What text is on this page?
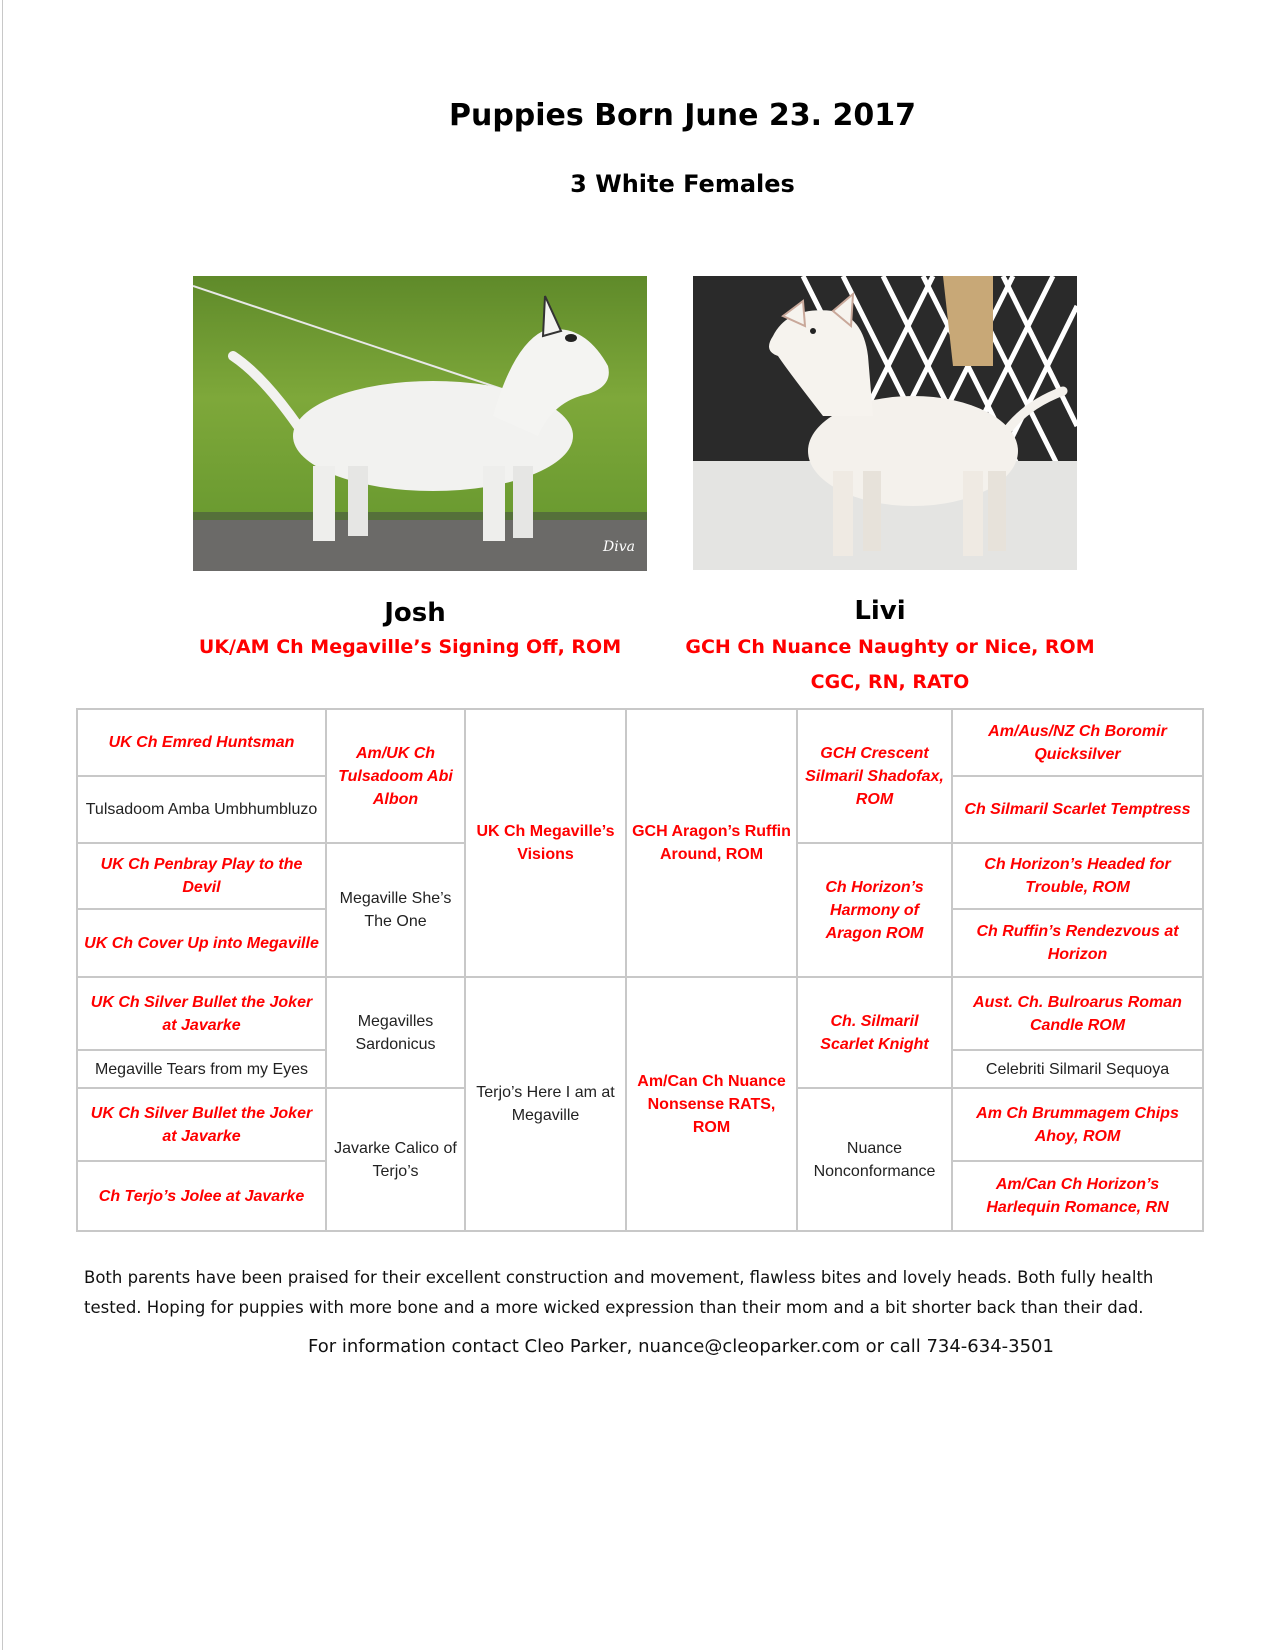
Puppies Born June 23. 2017
3 White Females
Diva
Josh	Livi
UK/AM Ch Megaville’s Signing Off, ROM	GCH Ch Nuance Naughty or Nice, ROM
CGC, RN, RATO
UK Ch Emred Huntsman	Am/UK Ch Tulsadoom Abi Albon	UK Ch Megaville’s Visions	GCH Aragon’s Ruffin Around, ROM	GCH Crescent Silmaril Shadofax, ROM	Am/Aus/NZ Ch Boromir Quicksilver
Tulsadoom Amba Umbhumbluzo					Ch Silmaril Scarlet Temptress
UK Ch Penbray Play to the Devil	Megaville She’s The One			Ch Horizon’s Harmony of Aragon ROM	Ch Horizon’s Headed for Trouble, ROM
UK Ch Cover Up into Megaville					Ch Ruffin’s Rendezvous at Horizon
UK Ch Silver Bullet the Joker at Javarke	Megavilles Sardonicus	Terjo’s Here I am at Megaville	Am/Can Ch Nuance Nonsense RATS, ROM	Ch. Silmaril Scarlet Knight	Aust. Ch. Bulroarus Roman Candle ROM
Megaville Tears from my Eyes					Celebriti Silmaril Sequoya
UK Ch Silver Bullet the Joker at Javarke	Javarke Calico of Terjo’s			Nuance Nonconformance	Am Ch Brummagem Chips Ahoy, ROM
Ch Terjo’s Jolee at Javarke					Am/Can Ch Horizon’s Harlequin Romance, RN
Both parents have been praised for their excellent construction and movement, flawless bites and lovely heads. Both fully health tested. Hoping for puppies with more bone and a more wicked expression than their mom and a bit shorter back than their dad.
For information contact Cleo Parker, nuance@cleoparker.com or call 734-634-3501
